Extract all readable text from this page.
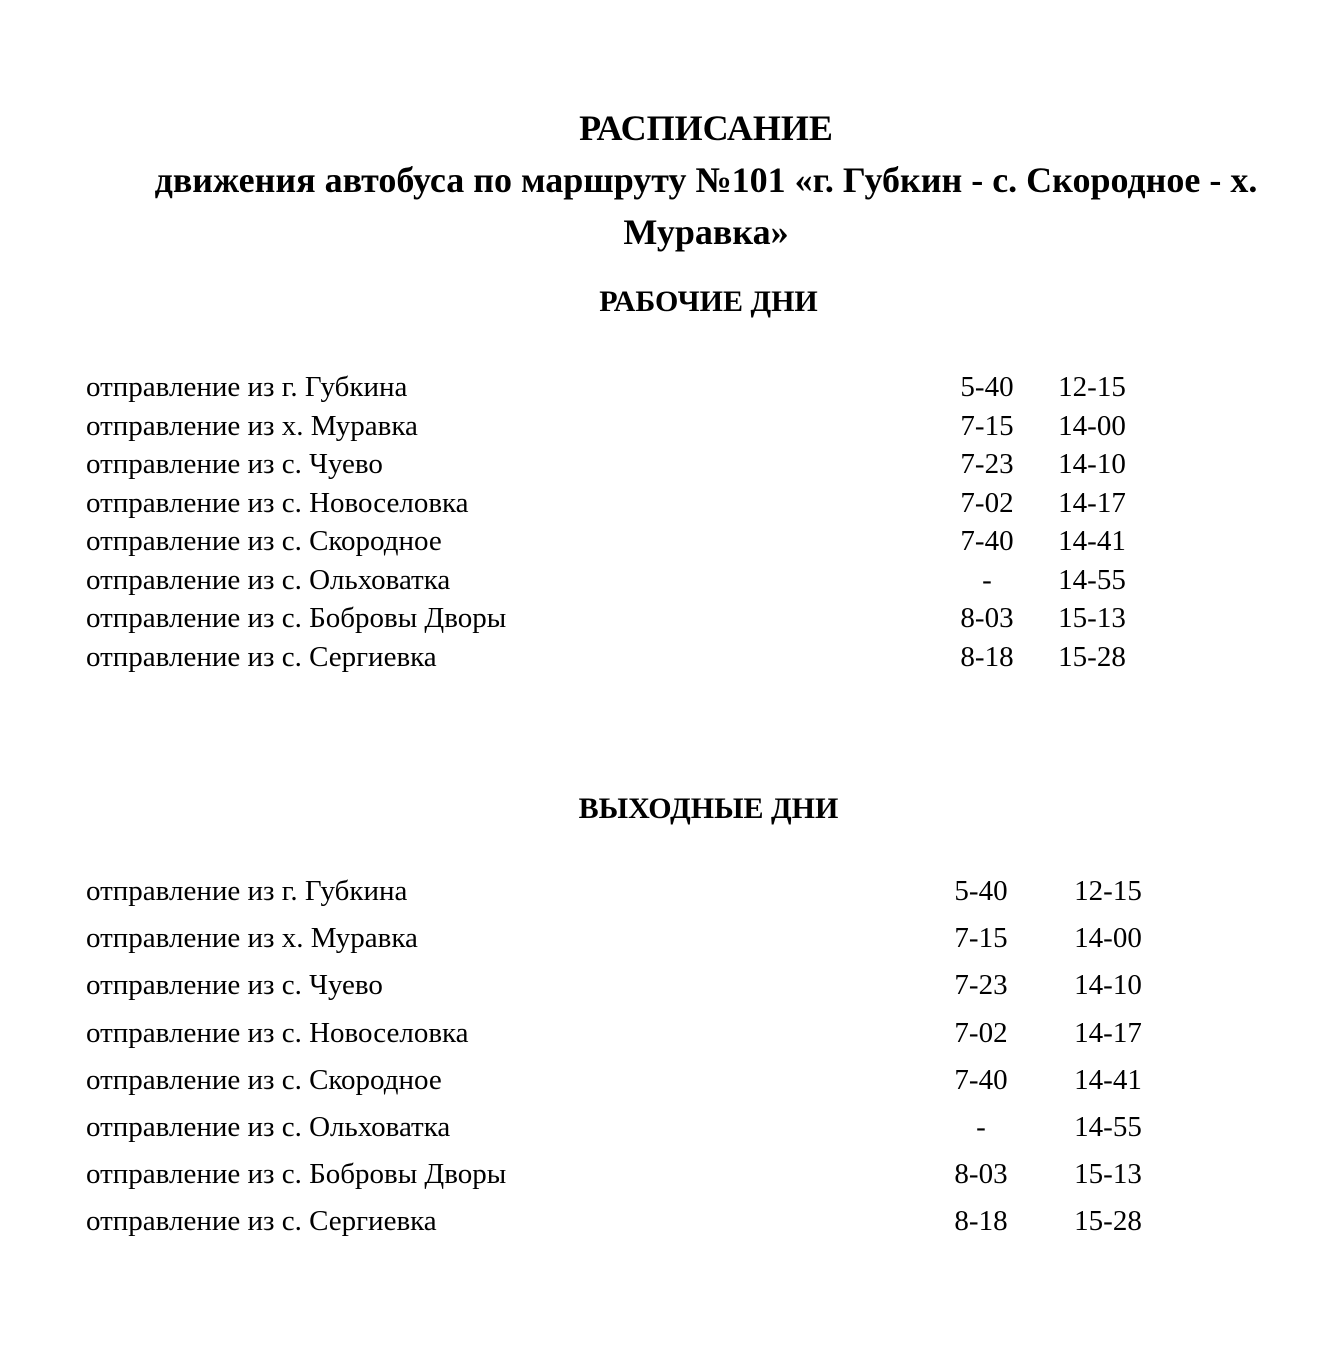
РАСПИСАНИЕ
движения автобуса по маршруту №101 «г. Губкин - с. Скородное - х. Муравка»
РАБОЧИЕ ДНИ
отправление из г. Губкина	5-40	12-15
отправление из х. Муравка	7-15	14-00
отправление из с. Чуево	7-23	14-10
отправление из с. Новоселовка	7-02	14-17
отправление из с. Скородное	7-40	14-41
отправление из с. Ольховатка	-	14-55
отправление из с. Бобровы Дворы	8-03	15-13
отправление из с. Сергиевка	8-18	15-28
ВЫХОДНЫЕ ДНИ
отправление из г. Губкина	5-40	12-15
отправление из х. Муравка	7-15	14-00
отправление из с. Чуево	7-23	14-10
отправление из с. Новоселовка	7-02	14-17
отправление из с. Скородное	7-40	14-41
отправление из с. Ольховатка	-	14-55
отправление из с. Бобровы Дворы	8-03	15-13
отправление из с. Сергиевка	8-18	15-28
